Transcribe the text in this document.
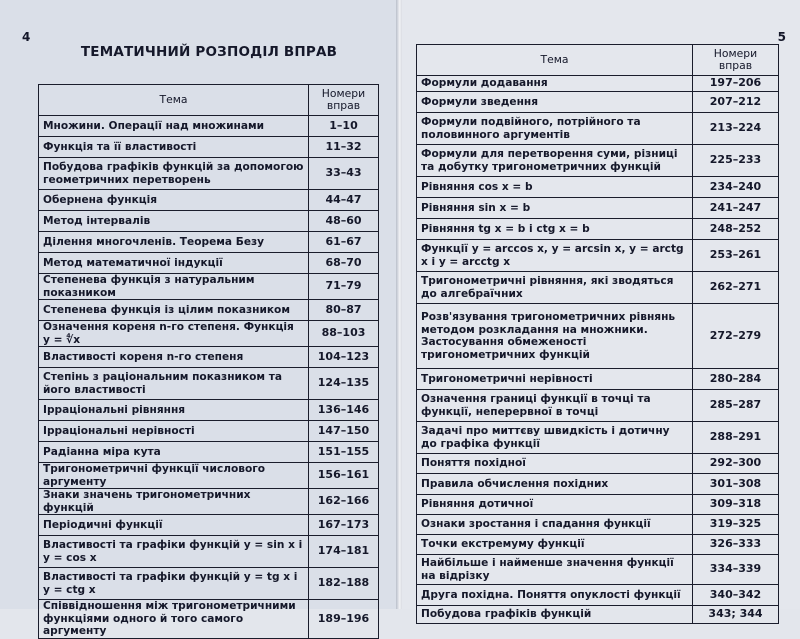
4
ТЕМАТИЧНИЙ РОЗПОДІЛ ВПРАВ
Тема	Номери вправ
Множини. Операції над множинами	1–10
Функція та її властивості	11–32
Побудова графіків функцій за допомогою геометричних перетворень	33–43
Обернена функція	44–47
Метод інтервалів	48–60
Ділення многочленів. Теорема Безу	61–67
Метод математичної індукції	68–70
Степенева функція з натуральним показником	71–79
Степенева функція із цілим показником	80–87
Означення кореня n-го степеня. Функція y = ∜x	88–103
Властивості кореня n-го степеня	104–123
Степінь з раціональним показником та його властивості	124–135
Ірраціональні рівняння	136–146
Ірраціональні нерівності	147–150
Радіанна міра кута	151–155
Тригонометричні функції числового аргументу	156–161
Знаки значень тригонометричних функцій	162–166
Періодичні функції	167–173
Властивості та графіки функцій y = sin x і y = cos x	174–181
Властивості та графіки функцій y = tg x і y = ctg x	182–188
Співвідношення між тригонометричними функціями одного й того самого аргументу	189–196
5
Тема	Номери вправ
Формули додавання	197–206
Формули зведення	207–212
Формули подвійного, потрійного та половинного аргументів	213–224
Формули для перетворення суми, різниці та добутку тригонометричних функцій	225–233
Рівняння cos x = b	234–240
Рівняння sin x = b	241–247
Рівняння tg x = b і ctg x = b	248–252
Функції y = arccos x, y = arcsin x, y = arctg x і y = arcctg x	253–261
Тригонометричні рівняння, які зводяться до алгебраїчних	262–271
Розв'язування тригонометричних рівнянь методом розкладання на множники. Застосування обмеженості тригонометричних функцій	272–279
Тригонометричні нерівності	280–284
Означення границі функції в точці та функції, неперервної в точці	285–287
Задачі про миттєву швидкість і дотичну до графіка функції	288–291
Поняття похідної	292–300
Правила обчислення похідних	301–308
Рівняння дотичної	309–318
Ознаки зростання і спадання функції	319–325
Точки екстремуму функції	326–333
Найбільше і найменше значення функції на відрізку	334–339
Друга похідна. Поняття опуклості функції	340–342
Побудова графіків функцій	343; 344
